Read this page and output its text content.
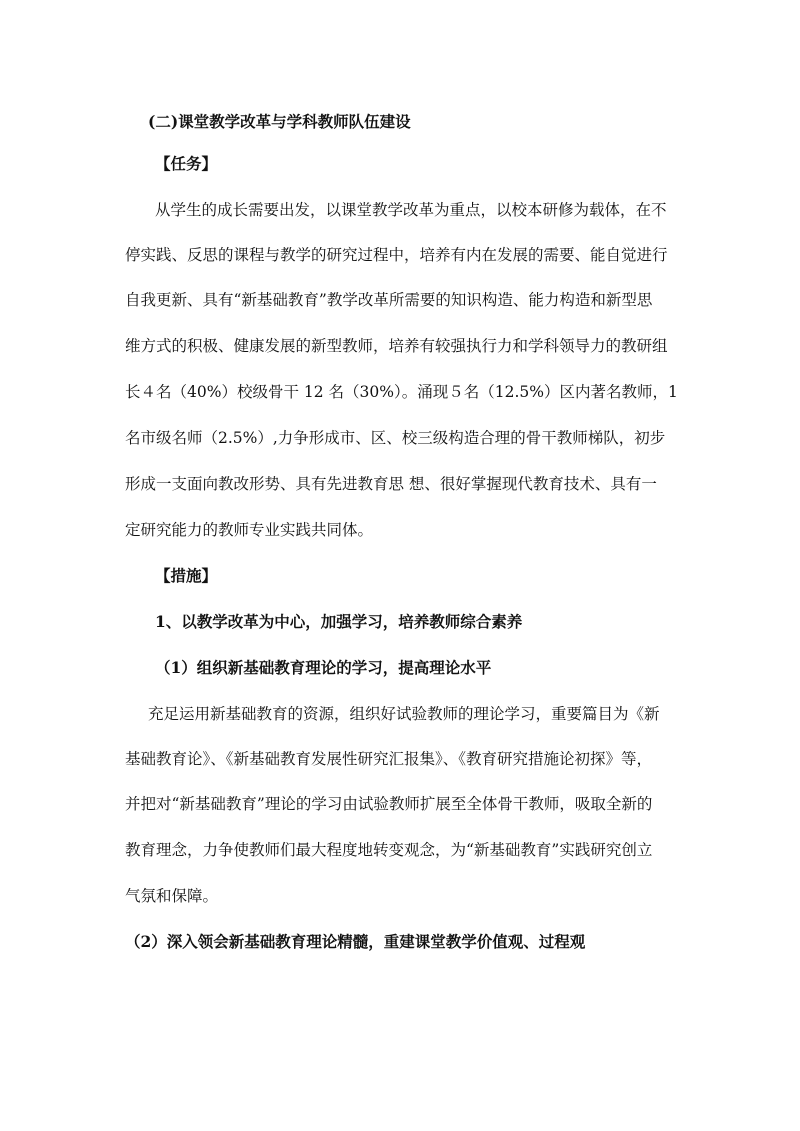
(二)课堂教学改革与学科教师队伍建设
【任务】
从学生的成长需要出发，以课堂教学改革为重点，以校本研修为载体，在不
停实践、反思的课程与教学的研究过程中，培养有内在发展的需要、能自觉进行
自我更新、具有“新基础教育”教学改革所需要的知识构造、能力构造和新型思
维方式的积极、健康发展的新型教师，培养有较强执行力和学科领导力的教研组
长４名（40%）校级骨干 12 名（30%）。涌现５名（12.5%）区内著名教师，1
名市级名师（2.5%）,力争形成市、区、校三级构造合理的骨干教师梯队，初步
形成一支面向教改形势、具有先进教育思 想、很好掌握现代教育技术、具有一
定研究能力的教师专业实践共同体。
【措施】
1、以教学改革为中心，加强学习，培养教师综合素养
（1）组织新基础教育理论的学习，提高理论水平
充足运用新基础教育的资源，组织好试验教师的理论学习，重要篇目为《新
基础教育论》、《新基础教育发展性研究汇报集》、《教育研究措施论初探》等，
并把对“新基础教育”理论的学习由试验教师扩展至全体骨干教师，吸取全新的
教育理念，力争使教师们最大程度地转变观念，为“新基础教育”实践研究创立
气氛和保障。
（2）深入领会新基础教育理论精髓，重建课堂教学价值观、过程观
